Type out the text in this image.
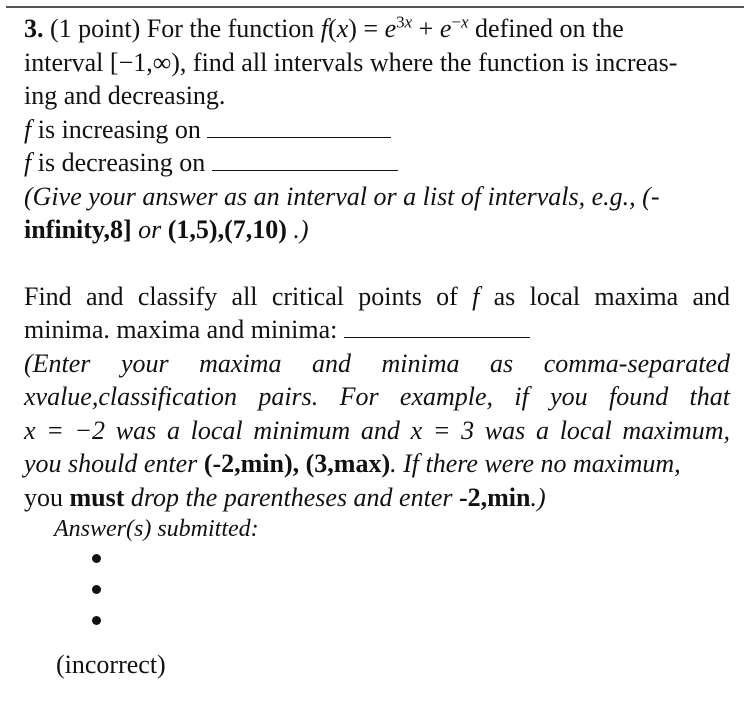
3. (1 point) For the function $f(x) = e^{3x} + e^{-x}$ defined on the
interval [−1,∞), find all intervals where the function is increas-
ing and decreasing.
f is increasing on
f is decreasing on
(Give your answer as an interval or a list of intervals, e.g., (-
infinity,8] or (1,5),(7,10) .)
Find and classify all critical points of f as local maxima and
minima. maxima and minima:
(Enter your maxima and minima as comma-separated
xvalue,classification pairs. For example, if you found that
x = −2 was a local minimum and x = 3 was a local maximum,
you should enter (-2,min), (3,max). If there were no maximum,
you must drop the parentheses and enter -2,min.)
Answer(s) submitted:
(incorrect)
